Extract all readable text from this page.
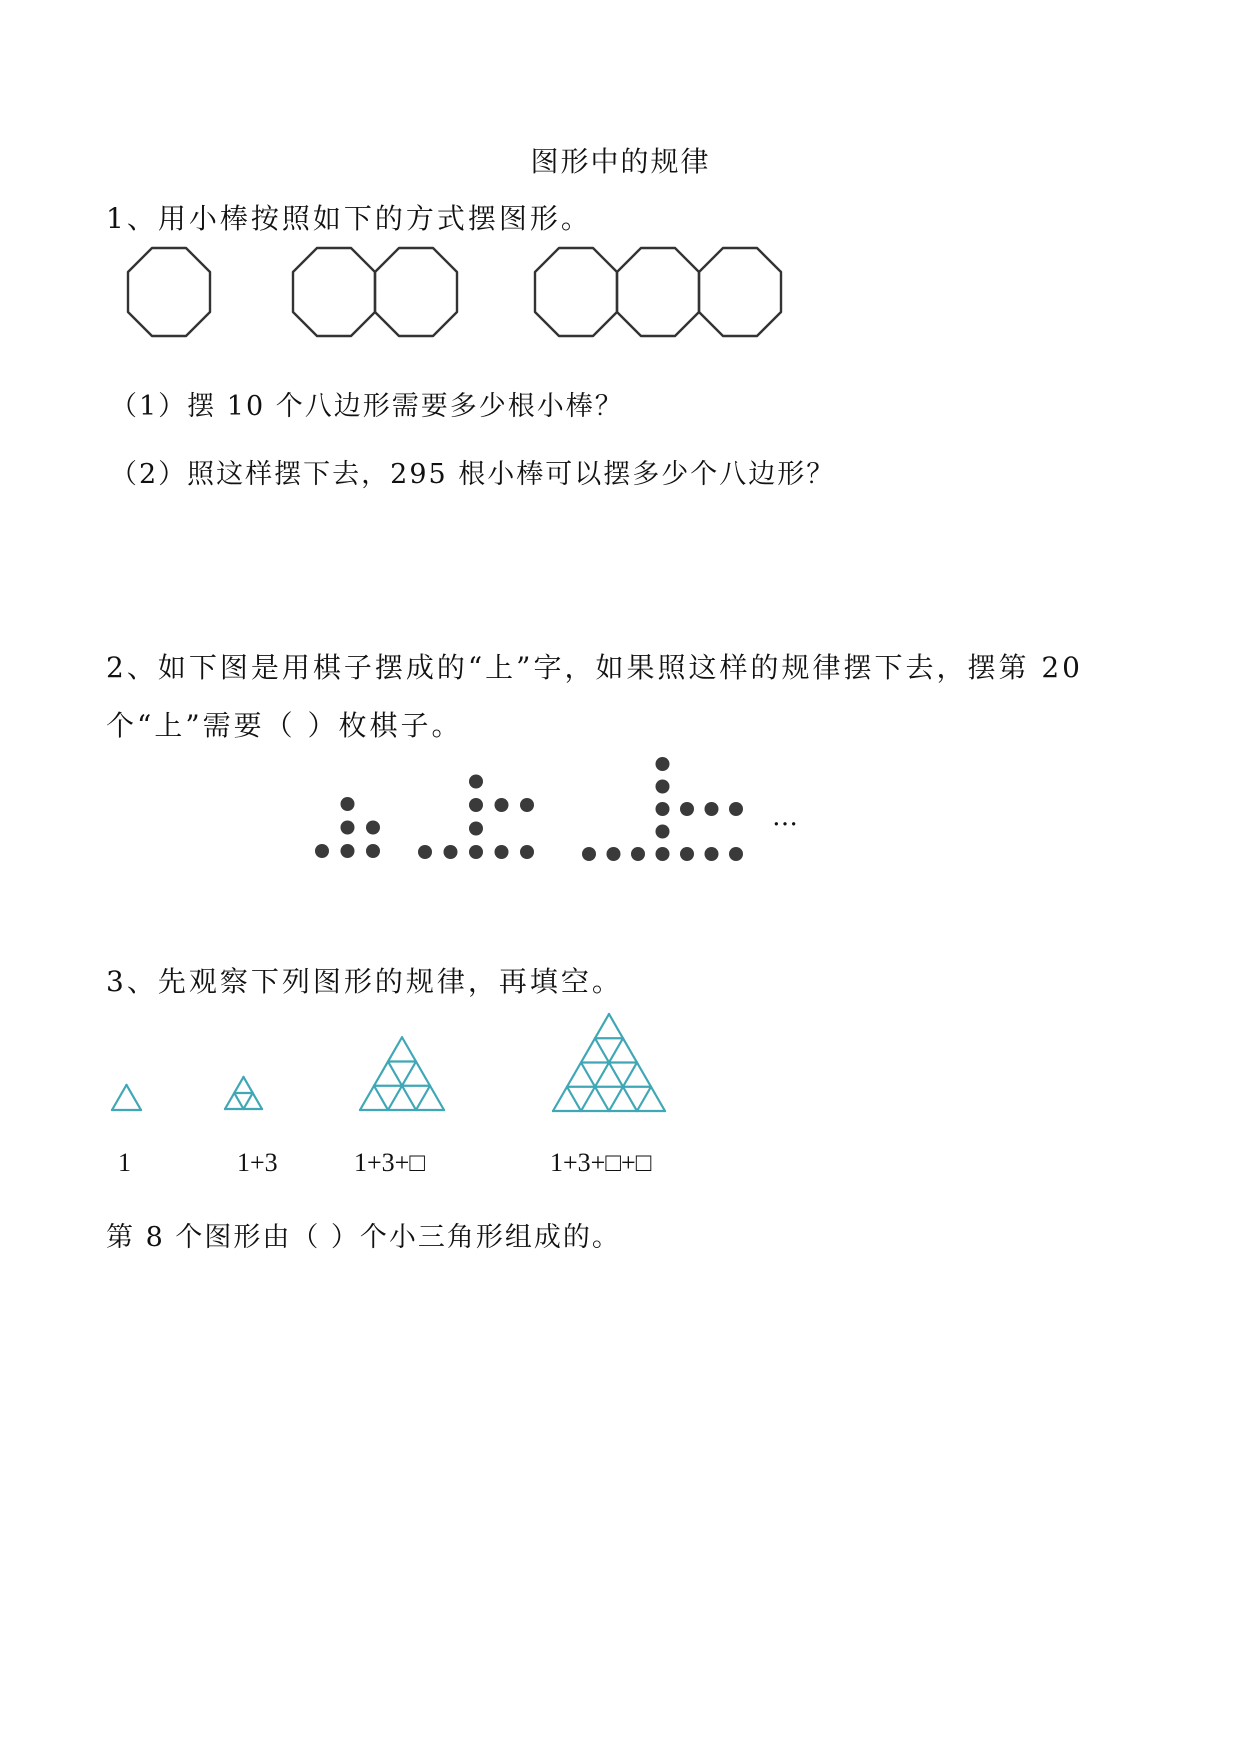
图形中的规律
1、用小棒按照如下的方式摆图形。
（1）摆 10 个八边形需要多少根小棒？
（2）照这样摆下去，295 根小棒可以摆多少个八边形？
2、如下图是用棋子摆成的“上”字，如果照这样的规律摆下去，摆第 20
个“上”需要（ ）枚棋子。
…
3、先观察下列图形的规律，再填空。
1	1+3	1+3+□	1+3+□+□
第 8 个图形由（ ）个小三角形组成的。
